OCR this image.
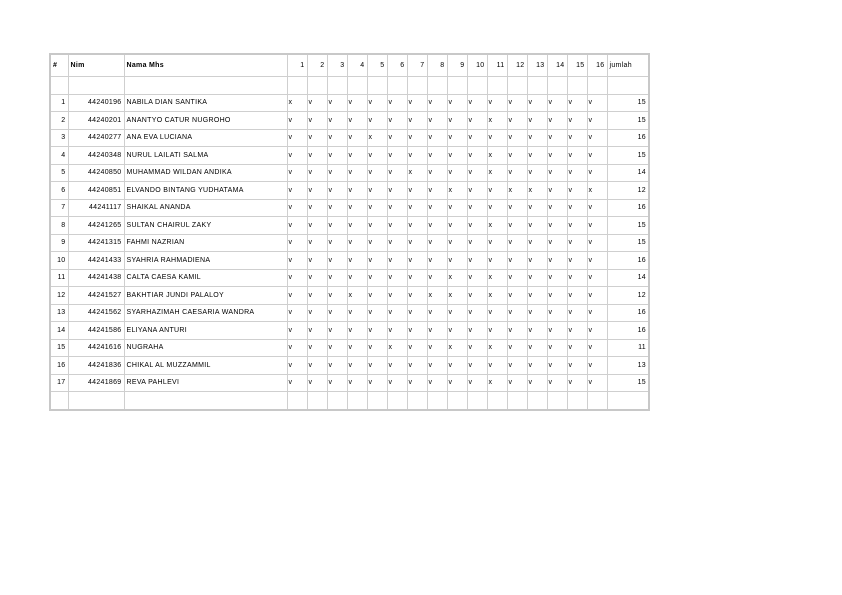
#	Nim	Nama Mhs	1	2	3	4	5	6	7	8	9	10	11	12	13	14	15	16	jumlah

1	44240196	NABILA DIAN SANTIKA	x	v	v	v	v	v	v	v	v	v	v	v	v	v	v	v	15
2	44240201	ANANTYO CATUR NUGROHO	v	v	v	v	v	v	v	v	v	v	x	v	v	v	v	v	15
3	44240277	ANA EVA LUCIANA	v	v	v	v	x	v	v	v	v	v	v	v	v	v	v	v	16
4	44240348	NURUL LAILATI SALMA	v	v	v	v	v	v	v	v	v	v	x	v	v	v	v	v	15
5	44240850	MUHAMMAD WILDAN ANDIKA	v	v	v	v	v	v	x	v	v	v	x	v	v	v	v	v	14
6	44240851	ELVANDO BINTANG YUDHATAMA	v	v	v	v	v	v	v	v	x	v	v	x	x	v	v	x	12
7	44241117	SHAIKAL ANANDA	v	v	v	v	v	v	v	v	v	v	v	v	v	v	v	v	16
8	44241265	SULTAN CHAIRUL ZAKY	v	v	v	v	v	v	v	v	v	v	x	v	v	v	v	v	15
9	44241315	FAHMI NAZRIAN	v	v	v	v	v	v	v	v	v	v	v	v	v	v	v	v	15
10	44241433	SYAHRIA RAHMADIENA	v	v	v	v	v	v	v	v	v	v	v	v	v	v	v	v	16
11	44241438	CALTA CAESA KAMIL	v	v	v	v	v	v	v	v	x	v	x	v	v	v	v	v	14
12	44241527	BAKHTIAR JUNDI PALALOY	v	v	v	x	v	v	v	x	x	v	x	v	v	v	v	v	12
13	44241562	SYARHAZIMAH CAESARIA WANDRA	v	v	v	v	v	v	v	v	v	v	v	v	v	v	v	v	16
14	44241586	ELIYANA ANTURI	v	v	v	v	v	v	v	v	v	v	v	v	v	v	v	v	16
15	44241616	NUGRAHA	v	v	v	v	v	x	v	v	x	v	x	v	v	v	v	v	11
16	44241836	CHIKAL AL MUZZAMMIL	v	v	v	v	v	v	v	v	v	v	v	v	v	v	v	v	13
17	44241869	REVA PAHLEVI	v	v	v	v	v	v	v	v	v	v	x	v	v	v	v	v	15
